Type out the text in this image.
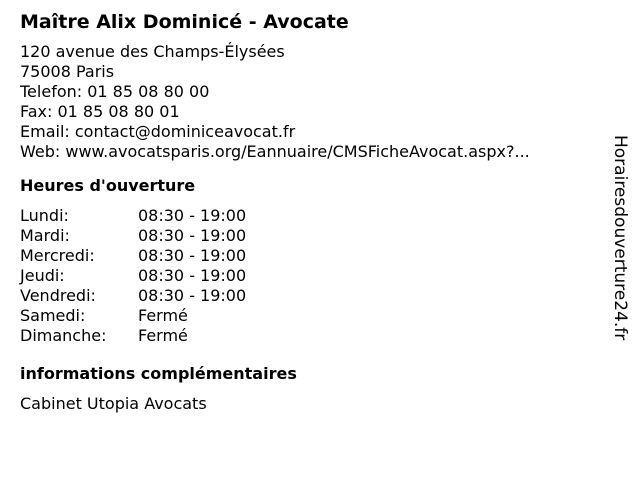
Maître Alix Dominicé - Avocate
120 avenue des Champs-Élysées
75008 Paris
Telefon: 01 85 08 80 00
Fax: 01 85 08 80 01
Email: contact@dominiceavocat.fr
Web: www.avocatsparis.org/Eannuaire/CMSFicheAvocat.aspx?...
Heures d'ouverture
Lundi:	08:30 - 19:00
Mardi:	08:30 - 19:00
Mercredi:	08:30 - 19:00
Jeudi:	08:30 - 19:00
Vendredi:	08:30 - 19:00
Samedi:	Fermé
Dimanche:	Fermé
informations complémentaires
Cabinet Utopia Avocats
Horairesdouverture24.fr
